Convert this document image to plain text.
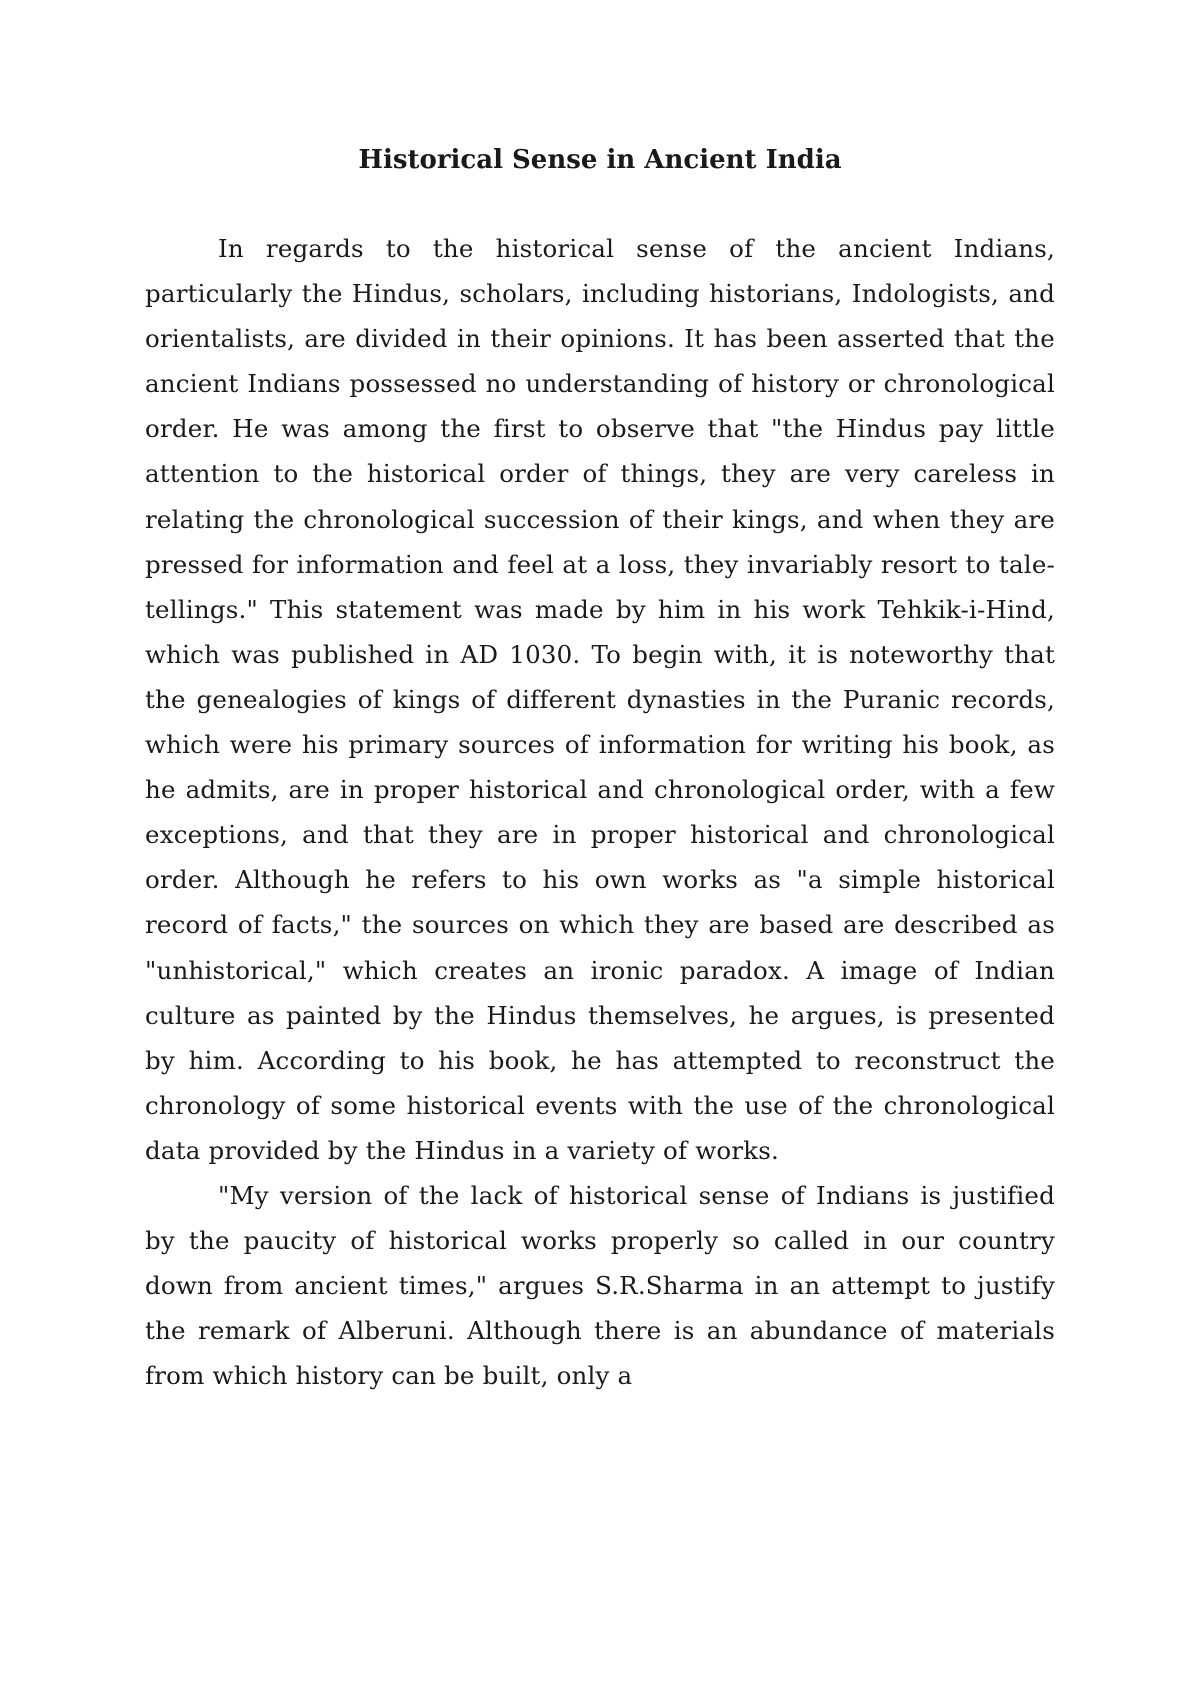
Historical Sense in Ancient India

In regards to the historical sense of the ancient Indians, particularly the Hindus, scholars, including historians, Indologists, and orientalists, are divided in their opinions. It has been asserted that the ancient Indians possessed no understanding of history or chronological order. He was among the first to observe that "the Hindus pay little attention to the historical order of things, they are very careless in relating the chronological succession of their kings, and when they are pressed for information and feel at a loss, they invariably resort to tale-tellings." This statement was made by him in his work Tehkik-i-Hind, which was published in AD 1030. To begin with, it is noteworthy that the genealogies of kings of different dynasties in the Puranic records, which were his primary sources of information for writing his book, as he admits, are in proper historical and chronological order, with a few exceptions, and that they are in proper historical and chronological order. Although he refers to his own works as "a simple historical record of facts," the sources on which they are based are described as "unhistorical," which creates an ironic paradox. A image of Indian culture as painted by the Hindus themselves, he argues, is presented by him. According to his book, he has attempted to reconstruct the chronology of some historical events with the use of the chronological data provided by the Hindus in a variety of works.

"My version of the lack of historical sense of Indians is justified by the paucity of historical works properly so called in our country down from ancient times," argues S.R.Sharma in an attempt to justify the remark of Alberuni. Although there is an abundance of materials from which history can be built, only a
